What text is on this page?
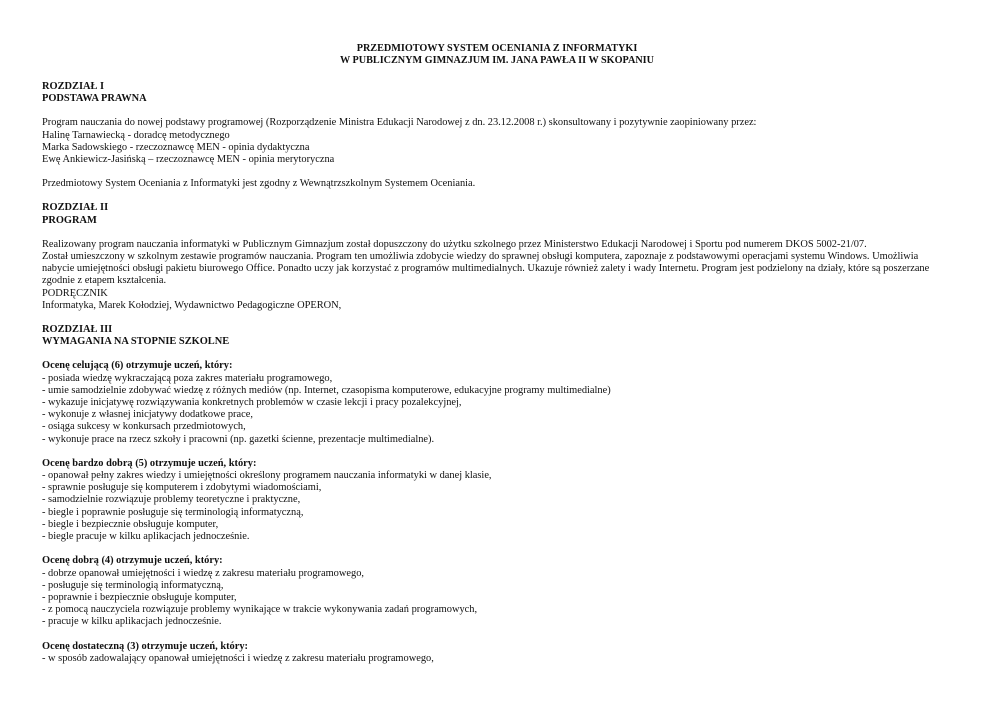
PRZEDMIOTOWY SYSTEM OCENIANIA Z INFORMATYKI
W PUBLICZNYM GIMNAZJUM IM. JANA PAWŁA II W SKOPANIU
ROZDZIAŁ I
PODSTAWA PRAWNA
Program nauczania do nowej podstawy programowej (Rozporządzenie Ministra Edukacji Narodowej z dn. 23.12.2008 r.) skonsultowany i pozytywnie zaopiniowany przez:
Halinę Tarnawiecką - doradcę metodycznego
Marka Sadowskiego - rzeczoznawcę MEN - opinia dydaktyczna
Ewę Ankiewicz-Jasińską – rzeczoznawcę MEN - opinia merytoryczna
Przedmiotowy System Oceniania z Informatyki jest zgodny z Wewnątrzszkolnym Systemem Oceniania.
ROZDZIAŁ II
PROGRAM
Realizowany program nauczania informatyki w Publicznym Gimnazjum został dopuszczony do użytku szkolnego przez Ministerstwo Edukacji Narodowej i Sportu pod numerem DKOS 5002-21/07.
Został umieszczony w szkolnym zestawie programów nauczania. Program ten umożliwia zdobycie wiedzy do sprawnej obsługi komputera, zapoznaje z podstawowymi operacjami systemu Windows. Umożliwia nabycie umiejętności obsługi pakietu biurowego Office. Ponadto uczy jak korzystać z programów multimedialnych. Ukazuje również zalety i wady Internetu. Program jest podzielony na działy, które są poszerzane zgodnie z etapem kształcenia.
PODRĘCZNIK
Informatyka, Marek Kołodziej, Wydawnictwo Pedagogiczne OPERON,
ROZDZIAŁ III
WYMAGANIA NA STOPNIE SZKOLNE
Ocenę celującą (6) otrzymuje uczeń, który:
- posiada wiedzę wykraczającą poza zakres materiału programowego,
- umie samodzielnie zdobywać wiedzę z różnych mediów (np. Internet, czasopisma komputerowe, edukacyjne programy multimedialne)
- wykazuje inicjatywę rozwiązywania konkretnych problemów w czasie lekcji i pracy pozalekcyjnej,
- wykonuje z własnej inicjatywy dodatkowe prace,
- osiąga sukcesy w konkursach przedmiotowych,
- wykonuje prace na rzecz szkoły i pracowni (np. gazetki ścienne, prezentacje multimedialne).
Ocenę bardzo dobrą (5) otrzymuje uczeń, który:
- opanował pełny zakres wiedzy i umiejętności określony programem nauczania informatyki w danej klasie,
- sprawnie posługuje się komputerem i zdobytymi wiadomościami,
- samodzielnie rozwiązuje problemy teoretyczne i praktyczne,
- biegle i poprawnie posługuje się terminologią informatyczną,
- biegle i bezpiecznie obsługuje komputer,
- biegle pracuje w kilku aplikacjach jednocześnie.
Ocenę dobrą (4) otrzymuje uczeń, który:
- dobrze opanował umiejętności i wiedzę z zakresu materiału programowego,
- posługuje się terminologią informatyczną,
- poprawnie i bezpiecznie obsługuje komputer,
- z pomocą nauczyciela rozwiązuje problemy wynikające w trakcie wykonywania zadań programowych,
- pracuje w kilku aplikacjach jednocześnie.
Ocenę dostateczną (3) otrzymuje uczeń, który:
- w sposób zadowalający opanował umiejętności i wiedzę z zakresu materiału programowego,
